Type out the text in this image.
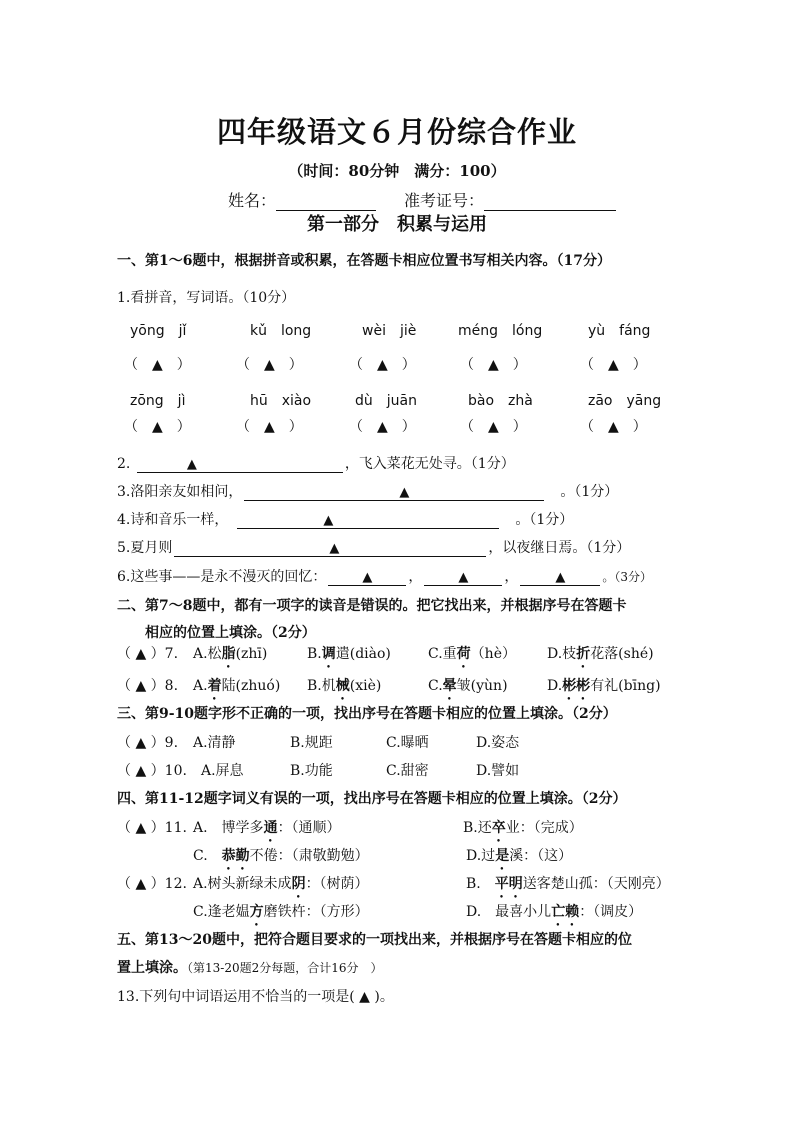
四年级语文６月份综合作业
（时间：80分钟　满分：100）
姓名：	准考证号：
第一部分　积累与运用
一、第1～6题中，根据拼音或积累，在答题卡相应位置书写相关内容。（17分）
1.看拼音，写词语。（10分）
yōng　jǐ	kǔ　long	wèi　jiè	méng　lóng	yù　fáng
（　▲　）	（　▲　）	（　▲　）	（　▲　）	（　▲　）
zōng　jì	hū　xiào	dù　juān	bào　zhà	zāo　yāng
（　▲　）	（　▲　）	（　▲　）	（　▲　）	（　▲　）
2.	▲	，飞入菜花无处寻。（1分）
3.洛阳亲友如相问，	▲　	。（1分）
4.诗和音乐一样，　	▲　	。（1分）
5.夏月则	▲	，以夜继日焉。（1分）
6.这些事——是永不漫灭的回忆：	▲	，	▲	，	▲	。（3分）
二、第7～8题中，都有一项字的读音是错误的。把它找出来，并根据序号在答题卡
相应的位置上填涂。（2分）
（ ▲ ）7. A.松脂(zhī)	B.调遣(diào)	C.重荷（hè） D.枝折花落(shé)
（ ▲ ）8. A.着陆(zhuó) B.机械(xiè)	C.晕皱(yùn)	D.彬彬有礼(bīng)
三、第9-10题字形不正确的一项，找出序号在答题卡相应的位置上填涂。（2分）
（ ▲ ）9. A.清静	B.规距	C.曝晒	D.姿态
（ ▲ ）10. A.屏息	B.功能	C.甜密	D.譬如
四、第11-12题字词义有误的一项，找出序号在答题卡相应的位置上填涂。（2分）
（ ▲ ）11. A.　博学多通：（通顺）	B.还卒业：（完成）
C.　恭勤不倦：（肃敬勤勉）	D.过是溪：（这）
（ ▲ ）12. A.树头新绿未成阴：（树荫）	B.　平明送客楚山孤：（天刚亮）
C.逢老媪方磨铁杵：（方形）	D.　最喜小儿亡赖：（调皮）
五、第13～20题中，把符合题目要求的一项找出来，并根据序号在答题卡相应的位
置上填涂。（第13-20题2分每题，合计16分　）
13.下列句中词语运用不恰当的一项是( ▲ )。
